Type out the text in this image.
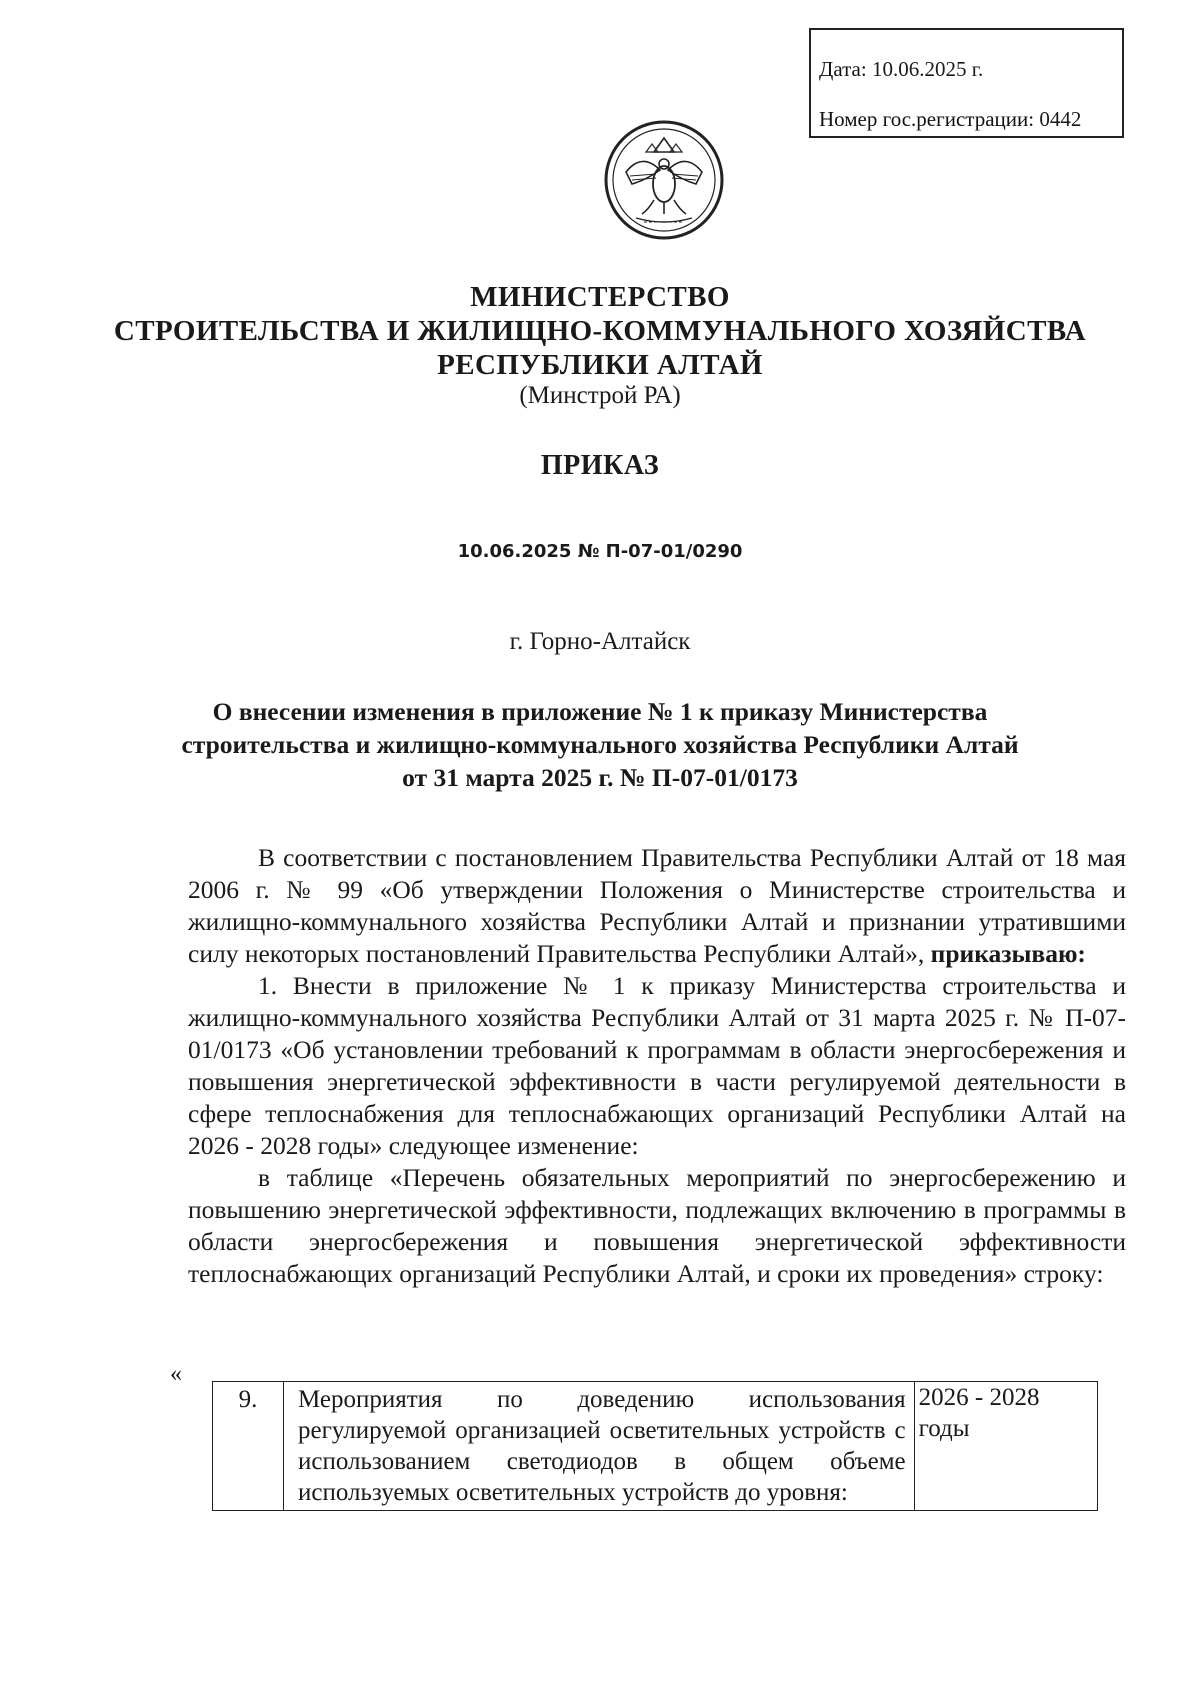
Дата: 10.06.2025 г.
Номер гос.регистрации: 0442
МИНИСТЕРСТВО
СТРОИТЕЛЬСТВА И ЖИЛИЩНО-КОММУНАЛЬНОГО ХОЗЯЙСТВА
РЕСПУБЛИКИ АЛТАЙ
(Минстрой РА)
ПРИКАЗ
10.06.2025 № П-07-01/0290
г. Горно-Алтайск
О внесении изменения в приложение № 1 к приказу Министерства
строительства и жилищно-коммунального хозяйства Республики Алтай
от 31 марта 2025 г. № П-07-01/0173

В соответствии с постановлением Правительства Республики Алтай от 18 мая 2006 г. № 99 «Об утверждении Положения о Министерстве строительства и жилищно-коммунального хозяйства Республики Алтай и признании утратившими силу некоторых постановлений Правительства Республики Алтай», приказываю:

1. Внести в приложение № 1 к приказу Министерства строительства и жилищно-коммунального хозяйства Республики Алтай от 31 марта 2025 г. № П-07-01/0173 «Об установлении требований к программам в области энергосбережения и повышения энергетической эффективности в части регулируемой деятельности в сфере теплоснабжения для теплоснабжающих организаций Республики Алтай на 2026 - 2028 годы» следующее изменение:

в таблице «Перечень обязательных мероприятий по энергосбережению и повышению энергетической эффективности, подлежащих включению в программы в области энергосбережения и повышения энергетической эффективности теплоснабжающих организаций Республики Алтай, и сроки их проведения» строку:

«
9.	Мероприятия по доведению использования регулируемой организацией осветительных устройств с использованием светодиодов в общем объеме используемых осветительных устройств до уровня:	2026 - 2028 годы
